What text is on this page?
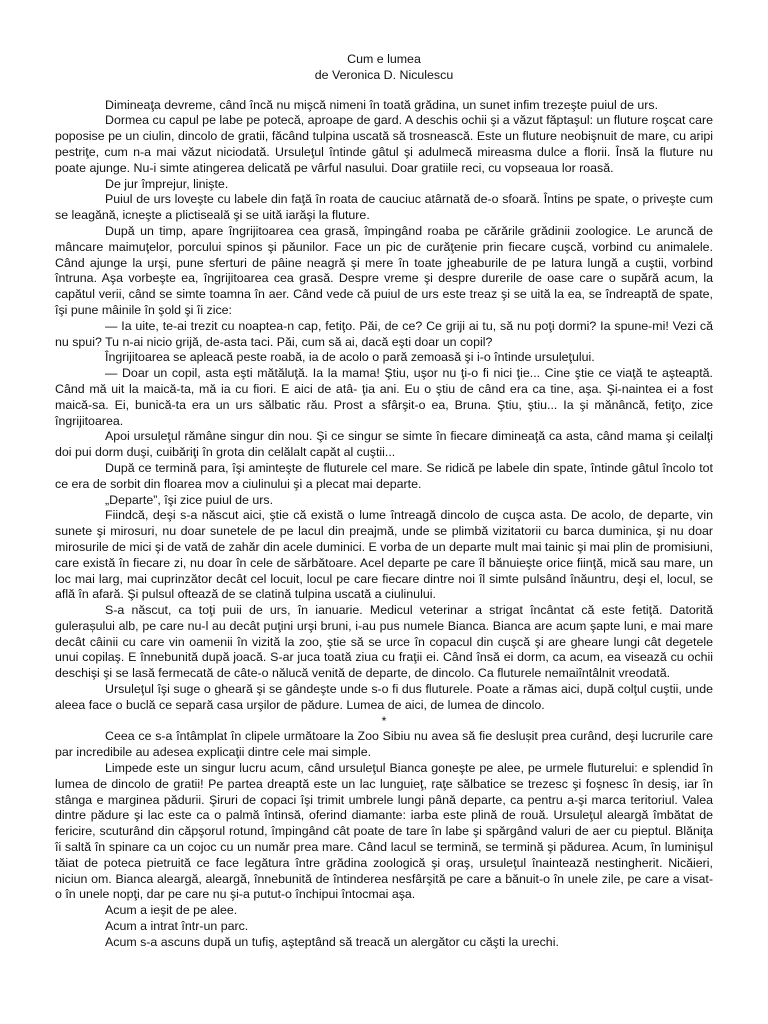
Cum e lumea

de Veronica D. Niculescu

Dimineaţa devreme, când încă nu mişcă nimeni în toată grădina, un sunet infim trezeşte puiul de urs.

Dormea cu capul pe labe pe potecă, aproape de gard. A deschis ochii şi a văzut făptaşul: un fluture roşcat care poposise pe un ciulin, dincolo de gratii, făcând tulpina uscată să trosnească. Este un fluture neobişnuit de mare, cu aripi pestriţe, cum n-a mai văzut niciodată. Ursuleţul întinde gâtul şi adulmecă mireasma dulce a florii. Însă la fluture nu poate ajunge. Nu-i simte atingerea delicată pe vârful nasului. Doar gratiile reci, cu vopseaua lor roasă.

De jur împrejur, linişte.

Puiul de urs loveşte cu labele din faţă în roata de cauciuc atârnată de-o sfoară. Întins pe spate, o priveşte cum se leagănă, icneşte a plictiseală şi se uită iarăşi la fluture.

După un timp, apare îngrijitoarea cea grasă, împingând roaba pe cărările grădinii zoologice. Le aruncă de mâncare maimuţelor, porcului spinos şi păunilor. Face un pic de curăţenie prin fiecare cuşcă, vorbind cu animalele. Când ajunge la urşi, pune sferturi de pâine neagră şi mere în toate jgheaburile de pe latura lungă a cuştii, vorbind întruna. Aşa vorbeşte ea, îngrijitoarea cea grasă. Despre vreme şi despre durerile de oase care o supără acum, la capătul verii, când se simte toamna în aer. Când vede că puiul de urs este treaz şi se uită la ea, se îndreaptă de spate, îşi pune mâinile în şold şi îi zice:

— Ia uite, te-ai trezit cu noaptea-n cap, fetiţo. Păi, de ce? Ce griji ai tu, să nu poţi dormi? Ia spune-mi! Vezi că nu spui? Tu n-ai nicio grijă, de-asta taci. Păi, cum să ai, dacă eşti doar un copil?

Îngrijitoarea se apleacă peste roabă, ia de acolo o pară zemoasă şi i-o întinde ursuleţului.

— Doar un copil, asta eşti mătăluţă. Ia la mama! Ştiu, uşor nu ţi-o fi nici ţie... Cine ştie ce viaţă te aşteaptă. Când mă uit la maică-ta, mă ia cu fiori. E aici de atâ- ţia ani. Eu o ştiu de când era ca tine, aşa. Şi-naintea ei a fost maică-sa. Ei, bunică-ta era un urs sălbatic rău. Prost a sfârşit-o ea, Bruna. Ştiu, ştiu... Ia şi mănâncă, fetiţo, zice îngrijitoarea.

Apoi ursuleţul rămâne singur din nou. Şi ce singur se simte în fiecare dimineaţă ca asta, când mama şi ceilalţi doi pui dorm duşi, cuibăriţi în grota din celălalt capăt al cuştii...

După ce termină para, îşi aminteşte de fluturele cel mare. Se ridică pe labele din spate, întinde gâtul încolo tot ce era de sorbit din floarea mov a ciulinului şi a plecat mai departe.

„Departe”, îşi zice puiul de urs.

Fiindcă, deşi s-a născut aici, ştie că există o lume întreagă dincolo de cuşca asta. De acolo, de departe, vin sunete şi mirosuri, nu doar sunetele de pe lacul din preajmă, unde se plimbă vizitatorii cu barca duminica, şi nu doar mirosurile de mici şi de vată de zahăr din acele duminici. E vorba de un departe mult mai tainic şi mai plin de promisiuni, care există în fiecare zi, nu doar în cele de sărbătoare. Acel departe pe care îl bănuieşte orice fiinţă, mică sau mare, un loc mai larg, mai cuprinzător decât cel locuit, locul pe care fiecare dintre noi îl simte pulsând înăuntru, deşi el, locul, se află în afară. Şi pulsul oftează de se clatină tulpina uscată a ciulinului.

S-a născut, ca toţi puii de urs, în ianuarie. Medicul veterinar a strigat încântat că este fetiţă. Datorită gulerașului alb, pe care nu-l au decât puţini urşi bruni, i-au pus numele Bianca. Bianca are acum şapte luni, e mai mare decât câinii cu care vin oamenii în vizită la zoo, ştie să se urce în copacul din cuşcă şi are gheare lungi cât degetele unui copilaş. E înnebunită după joacă. S-ar juca toată ziua cu fraţii ei. Când însă ei dorm, ca acum, ea visează cu ochii deschişi şi se lasă fermecată de câte-o nălucă venită de departe, de dincolo. Ca fluturele nemaiîntâlnit vreodată.

Ursuleţul îşi suge o gheară şi se gândeşte unde s-o fi dus fluturele. Poate a rămas aici, după colţul cuştii, unde aleea face o buclă ce separă casa urşilor de pădure. Lumea de aici, de lumea de dincolo.

*

Ceea ce s-a întâmplat în clipele următoare la Zoo Sibiu nu avea să fie deslușit prea curând, deşi lucrurile care par incredibile au adesea explicaţii dintre cele mai simple.

Limpede este un singur lucru acum, când ursuleţul Bianca goneşte pe alee, pe urmele fluturelui: e splendid în lumea de dincolo de gratii! Pe partea dreaptă este un lac lunguieţ, raţe sălbatice se trezesc şi foşnesc în desiş, iar în stânga e marginea pădurii. Şiruri de copaci îşi trimit umbrele lungi până departe, ca pentru a-şi marca teritoriul. Valea dintre pădure şi lac este ca o palmă întinsă, oferind diamante: iarba este plină de rouă. Ursuleţul aleargă îmbătat de fericire, scuturând din căpşorul rotund, împingând cât poate de tare în labe şi spărgând valuri de aer cu pieptul. Blăniţa îi saltă în spinare ca un cojoc cu un număr prea mare. Când lacul se termină, se termină şi pădurea. Acum, în luminişul tăiat de poteca pietruită ce face legătura între grădina zoologică şi oraş, ursuleţul înaintează nestingherit. Nicăieri, niciun om. Bianca aleargă, aleargă, înnebunită de întinderea nesfârşită pe care a bănuit-o în unele zile, pe care a visat-o în unele nopţi, dar pe care nu şi-a putut-o închipui întocmai aşa.

Acum a ieşit de pe alee.

Acum a intrat într-un parc.

Acum s-a ascuns după un tufiş, aşteptând să treacă un alergător cu căşti la urechi.
